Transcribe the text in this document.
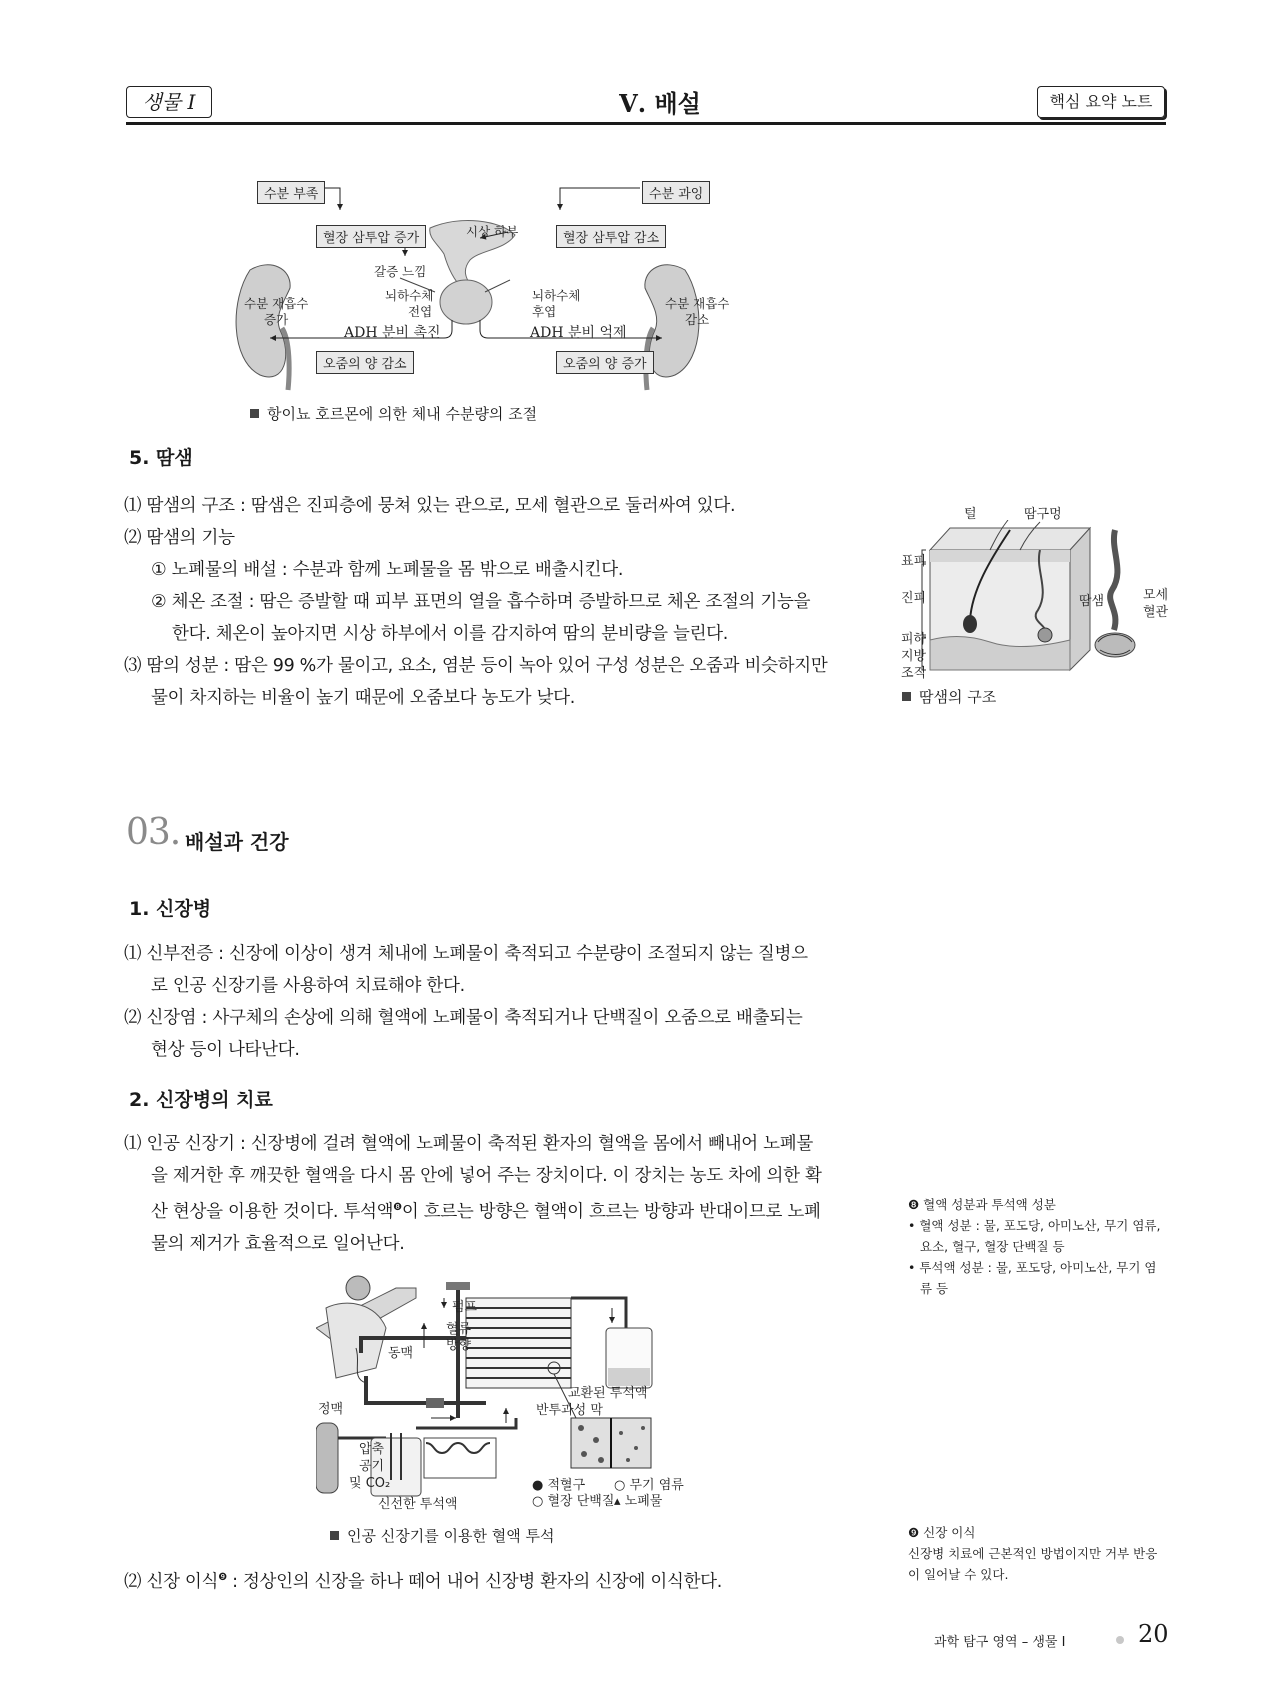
생물 Ⅰ	Ⅴ. 배설	핵심 요약 노트
수분 부족	수분 과잉
혈장 삼투압 증가	혈장 삼투압 감소
시상 하부
갈증 느낌
뇌하수체
전엽
뇌하수체
후엽
수분 재흡수
증가
수분 재흡수
감소
ADH 분비 촉진	ADH 분비 억제
오줌의 양 감소	오줌의 양 증가
항이뇨 호르몬에 의한 체내 수분량의 조절
5. 땀샘

⑴ 땀샘의 구조 : 땀샘은 진피층에 뭉쳐 있는 관으로, 모세 혈관으로 둘러싸여 있다.

⑵ 땀샘의 기능

① 노폐물의 배설 : 수분과 함께 노폐물을 몸 밖으로 배출시킨다.

② 체온 조절 : 땀은 증발할 때 피부 표면의 열을 흡수하며 증발하므로 체온 조절의 기능을

한다. 체온이 높아지면 시상 하부에서 이를 감지하여 땀의 분비량을 늘린다.

⑶ 땀의 성분 : 땀은 99 %가 물이고, 요소, 염분 등이 녹아 있어 구성 성분은 오줌과 비슷하지만

물이 차지하는 비율이 높기 때문에 오줌보다 농도가 낮다.

털	땀구멍
표피
진피
피하
지방
조직
땀샘	모세
혈관
땀샘의 구조
03. 배설과 건강
1. 신장병

⑴ 신부전증 : 신장에 이상이 생겨 체내에 노폐물이 축적되고 수분량이 조절되지 않는 질병으

로 인공 신장기를 사용하여 치료해야 한다.

⑵ 신장염 : 사구체의 손상에 의해 혈액에 노폐물이 축적되거나 단백질이 오줌으로 배출되는

현상 등이 나타난다.

2. 신장병의 치료

⑴ 인공 신장기 : 신장병에 걸려 혈액에 노폐물이 축적된 환자의 혈액을 몸에서 빼내어 노폐물

을 제거한 후 깨끗한 혈액을 다시 몸 안에 넣어 주는 장치이다. 이 장치는 농도 차에 의한 확

산 현상을 이용한 것이다. 투석액$^❽$이 흐르는 방향은 혈액이 흐르는 방향과 반대이므로 노폐

물의 제거가 효율적으로 일어난다.

펌프
혈류
방향
동맥
정맥
교환된 투석액
반투과성 막
압축
공기
및 CO₂
신선한 투석액
● 적혈구
○ 혈장 단백질
○ 무기 염류
▴ 노폐물
인공 신장기를 이용한 혈액 투석

⑵ 신장 이식$^❾$ : 정상인의 신장을 하나 떼어 내어 신장병 환자의 신장에 이식한다.

❽ 혈액 성분과 투석액 성분
• 혈액 성분 : 물, 포도당, 아미노산, 무기 염류,
요소, 혈구, 혈장 단백질 등
• 투석액 성분 : 물, 포도당, 아미노산, 무기 염
류 등
❾ 신장 이식
신장병 치료에 근본적인 방법이지만 거부 반응
이 일어날 수 있다.
과학 탐구 영역 – 생물 Ⅰ	20
